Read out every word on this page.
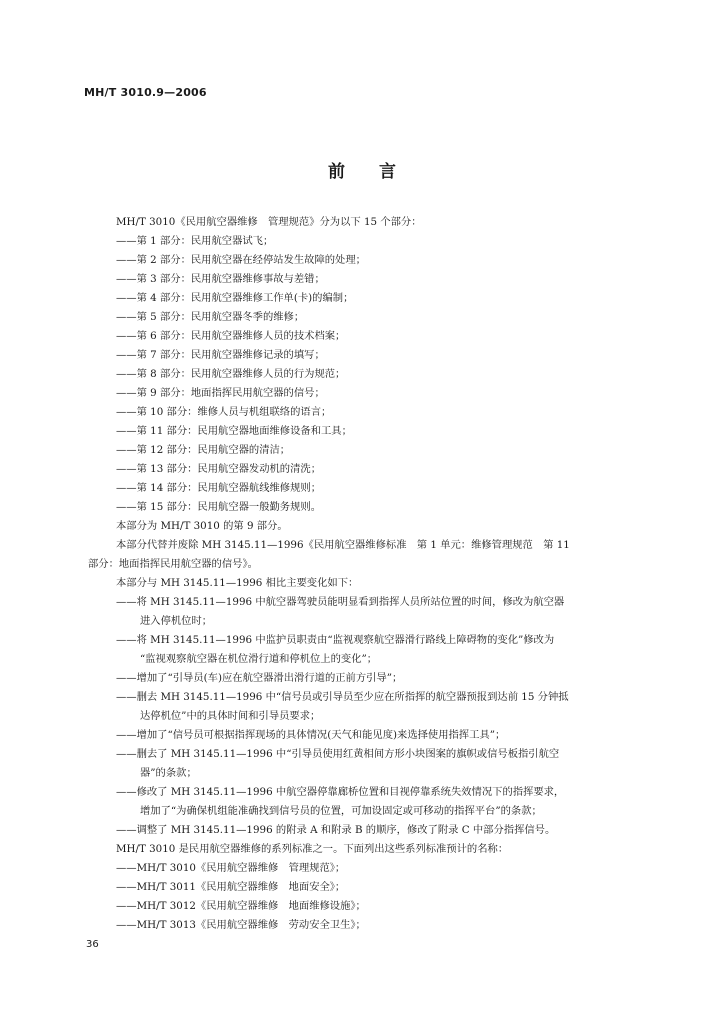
MH/T 3010.9—2006
前言
MH/T 3010《民用航空器维修　管理规范》分为以下 15 个部分：
——第 1 部分：民用航空器试飞；
——第 2 部分：民用航空器在经停站发生故障的处理；
——第 3 部分：民用航空器维修事故与差错；
——第 4 部分：民用航空器维修工作单(卡)的编制；
——第 5 部分：民用航空器冬季的维修；
——第 6 部分：民用航空器维修人员的技术档案；
——第 7 部分：民用航空器维修记录的填写；
——第 8 部分：民用航空器维修人员的行为规范；
——第 9 部分：地面指挥民用航空器的信号；
——第 10 部分：维修人员与机组联络的语言；
——第 11 部分：民用航空器地面维修设备和工具；
——第 12 部分：民用航空器的清洁；
——第 13 部分：民用航空器发动机的清洗；
——第 14 部分：民用航空器航线维修规则；
——第 15 部分：民用航空器一般勤务规则。
本部分为 MH/T 3010 的第 9 部分。
本部分代替并废除 MH 3145.11—1996《民用航空器维修标准　第 1 单元：维修管理规范　第 11
部分：地面指挥民用航空器的信号》。
本部分与 MH 3145.11—1996 相比主要变化如下：
——将 MH 3145.11—1996 中航空器驾驶员能明显看到指挥人员所站位置的时间，修改为航空器
进入停机位时；
——将 MH 3145.11—1996 中监护员职责由“监视观察航空器滑行路线上障碍物的变化”修改为
“监视观察航空器在机位滑行道和停机位上的变化”；
——增加了“引导员(车)应在航空器滑出滑行道的正前方引导”；
——删去 MH 3145.11—1996 中“信号员或引导员至少应在所指挥的航空器预报到达前 15 分钟抵
达停机位”中的具体时间和引导员要求；
——增加了“信号员可根据指挥现场的具体情况(天气和能见度)来选择使用指挥工具”；
——删去了 MH 3145.11—1996 中“引导员使用红黄相间方形小块图案的旗帜或信号板指引航空
器”的条款；
——修改了 MH 3145.11—1996 中航空器停靠廊桥位置和目视停靠系统失效情况下的指挥要求，
增加了“为确保机组能准确找到信号员的位置，可加设固定或可移动的指挥平台”的条款；
——调整了 MH 3145.11—1996 的附录 A 和附录 B 的顺序，修改了附录 C 中部分指挥信号。
MH/T 3010 是民用航空器维修的系列标准之一。下面列出这些系列标准预计的名称：
——MH/T 3010《民用航空器维修　管理规范》；
——MH/T 3011《民用航空器维修　地面安全》；
——MH/T 3012《民用航空器维修　地面维修设施》；
——MH/T 3013《民用航空器维修　劳动安全卫生》；
36
